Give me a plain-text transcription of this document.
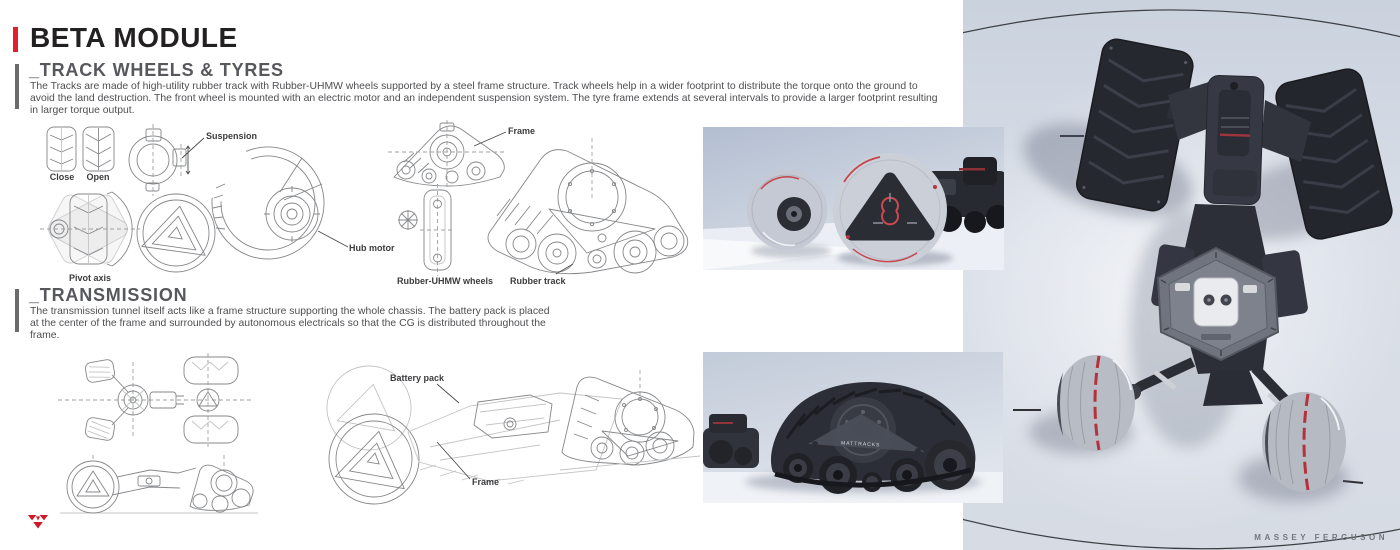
BETA MODULE
_TRACK WHEELS & TYRES
The Tracks are made of high-utility rubber track with Rubber-UHMW wheels supported by a steel frame structure. Track wheels help in a wider footprint to distribute the torque onto the ground to avoid the land destruction. The front wheel is mounted with an electric motor and an independent suspension system. The tyre frame extends at several intervals to provide a larger footprint resulting in larger torque output.
_TRANSMISSION
The transmission tunnel itself acts like a frame structure supporting the whole chassis. The battery pack is placed at the center of the frame and surrounded by autonomous electricals so that the CG is distributed throughout the frame.
Close	Open
Pivot axis
Suspension
Hub motor
Frame
Rubber-UHMW wheels Rubber track
Battery pack
Frame
MATTRACKS
MASSEY FERGUSON
